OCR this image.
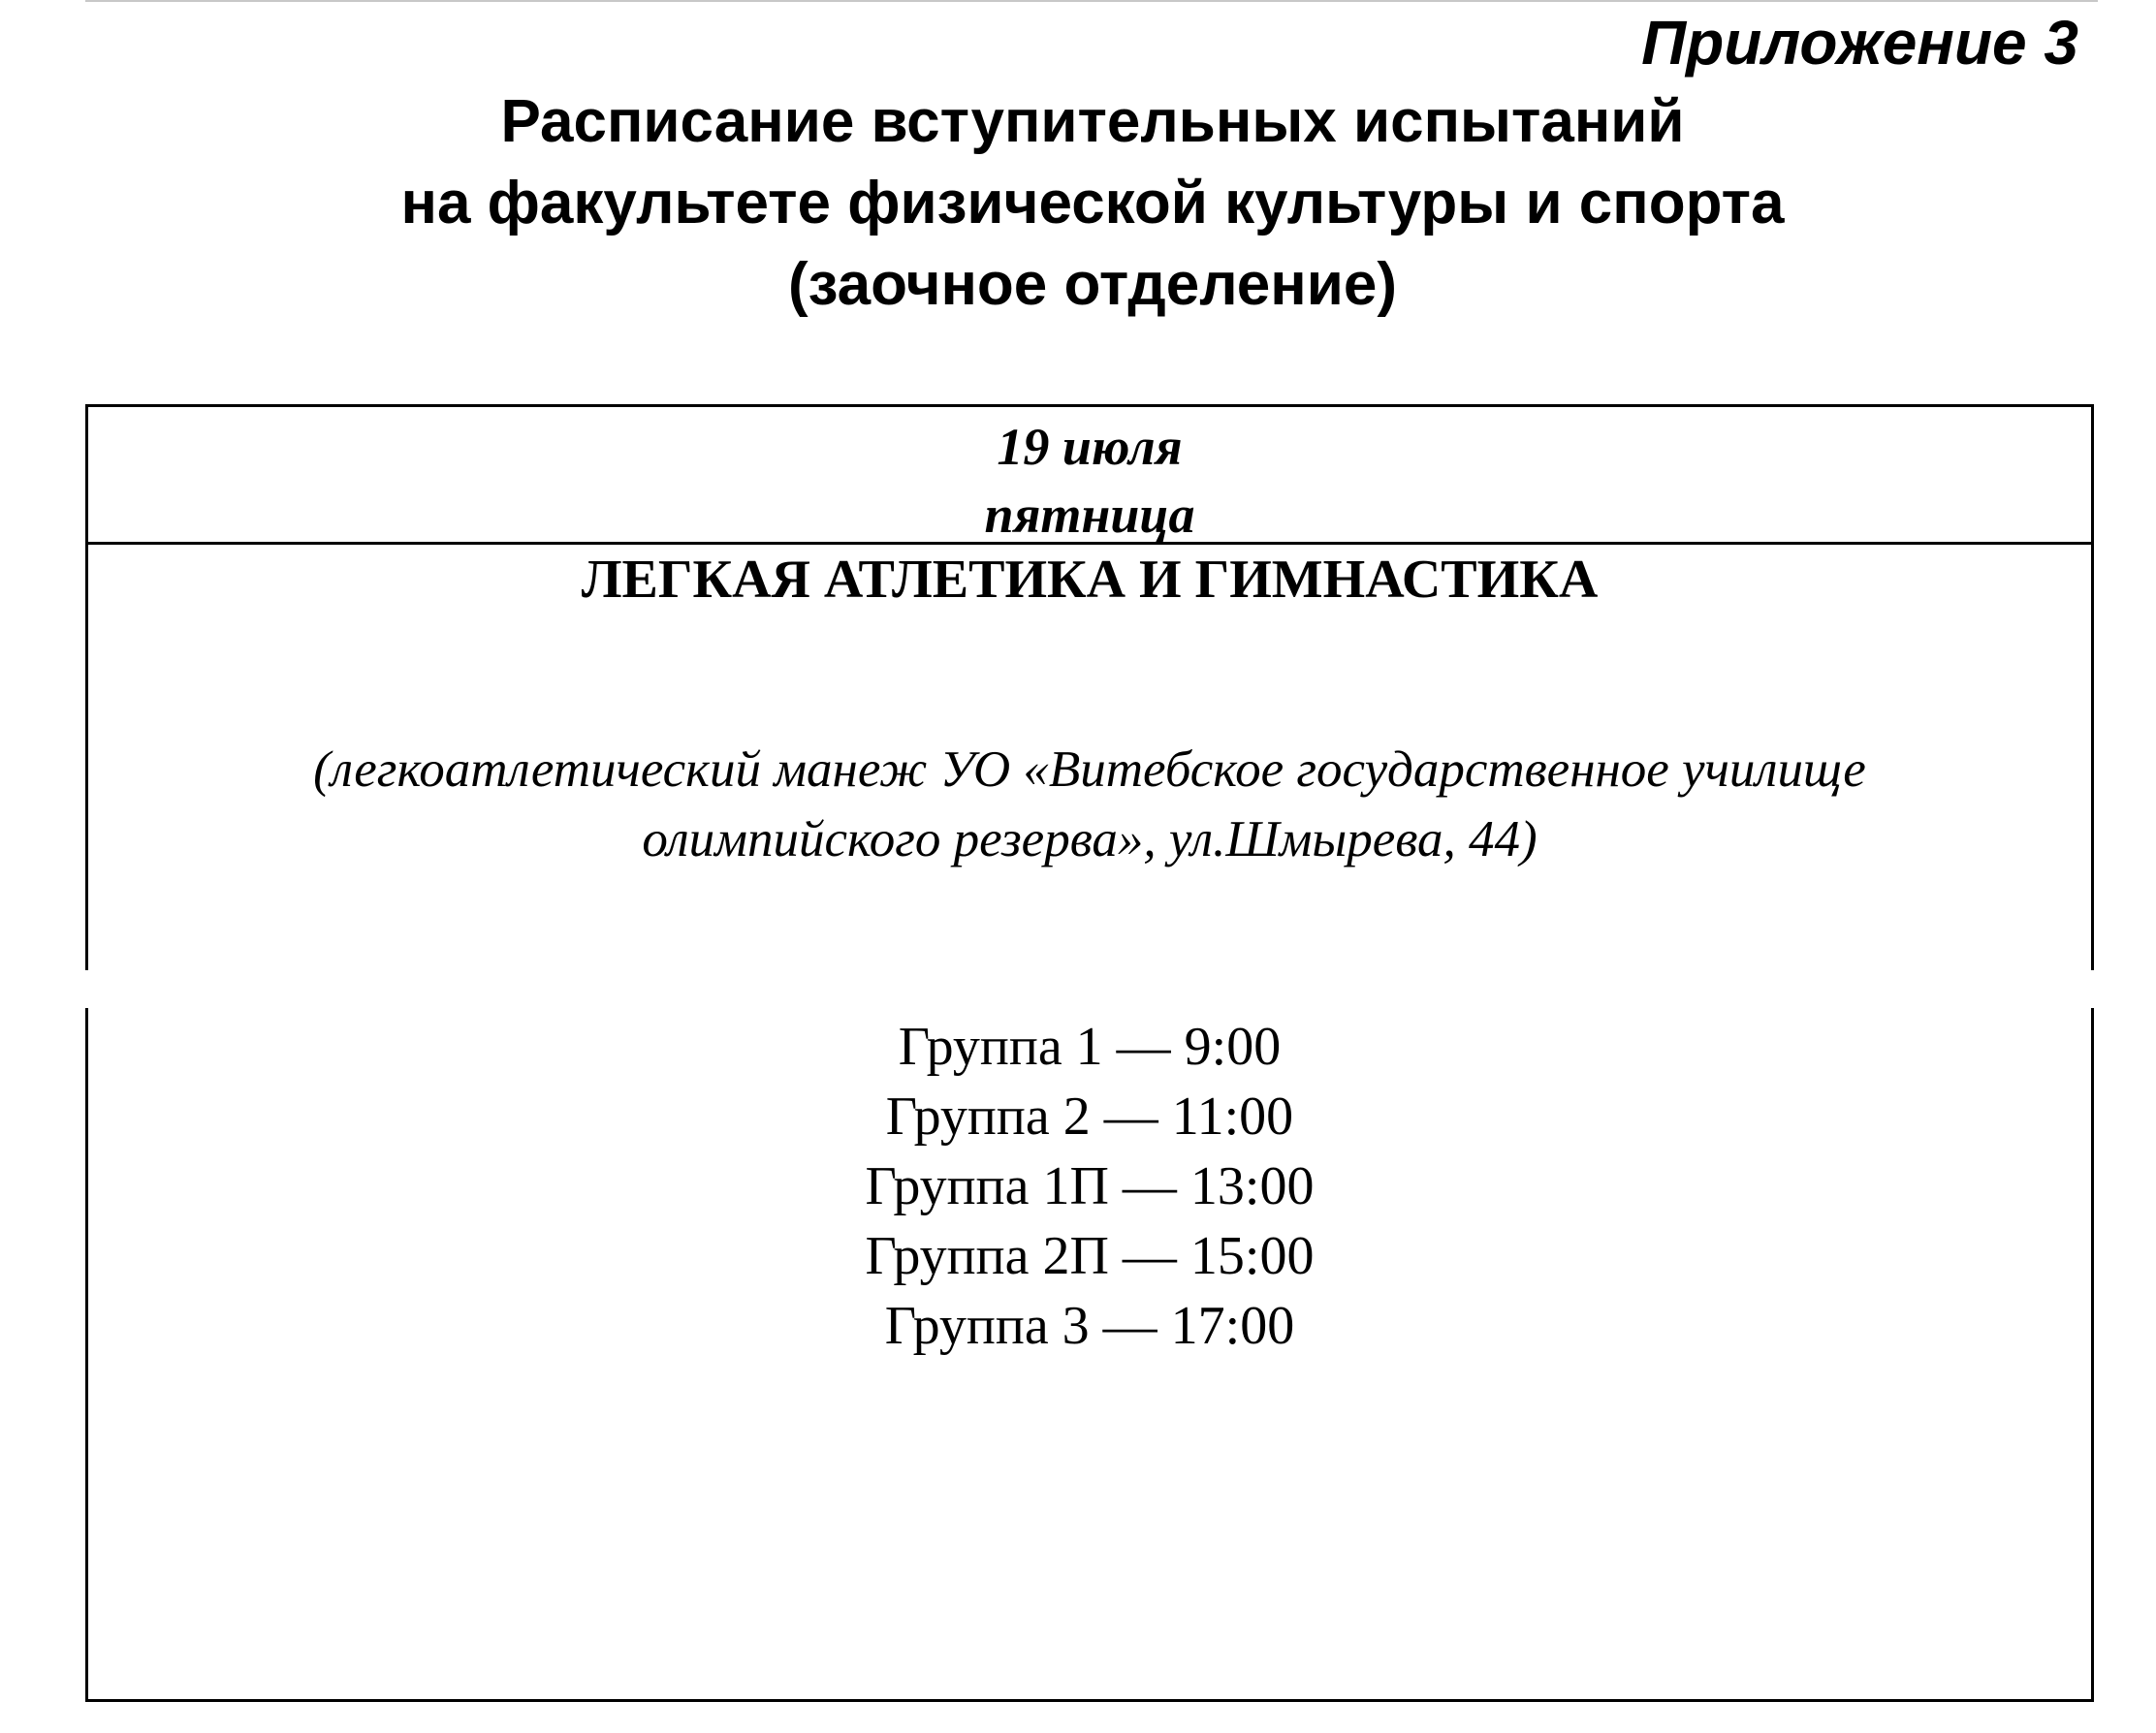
Приложение 3
Расписание вступительных испытаний
на факультете физической культуры и спорта
(заочное отделение)
19 июля
пятница
ЛЕГКАЯ АТЛЕТИКА И ГИМНАСТИКА
(легкоатлетический манеж УО «Витебское государственное училище
олимпийского резерва», ул.Шмырева, 44)
Группа 1 — 9:00
Группа 2 — 11:00
Группа 1П — 13:00
Группа 2П — 15:00
Группа 3 — 17:00
